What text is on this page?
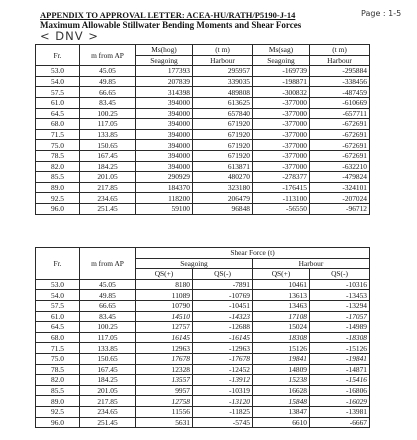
APPENDIX TO APPROVAL LETTER: ACEA-HU/RATH/P5190-J-14
Maximum Allowable Stillwater Bending Moments and Shear Forces
Page : 1-5
< DNV >
Fr.	m from AP	Ms(hog)	(t m)	Ms(sag)	(t m)
		Seagoing	Harbour	Seagoing	Harbour
53.0	45.05	177393	295957	-169739	-295884
54.0	49.85	207839	339035	-198871	-338456
57.5	66.65	314398	489808	-300832	-487459
61.0	83.45	394000	613625	-377000	-610669
64.5	100.25	394000	657840	-377000	-657711
68.0	117.05	394000	671920	-377000	-672691
71.5	133.85	394000	671920	-377000	-672691
75.0	150.65	394000	671920	-377000	-672691
78.5	167.45	394000	671920	-377000	-672691
82.0	184.25	394000	613871	-377000	-632210
85.5	201.05	290929	480270	-278377	-479824
89.0	217.85	184370	323180	-176415	-324101
92.5	234.65	118200	206479	-113100	-207024
96.0	251.45	59100	96848	-56550	-96712
Fr.	m from AP	Shear Force (t)			
		Seagoing		Harbour	
		QS(+)	QS(-)	QS(+)	QS(-)
53.0	45.05	8180	-7891	10461	-10316
54.0	49.85	11089	-10769	13613	-13453
57.5	66.65	10790	-10451	13463	-13294
61.0	83.45	14510	-14323	17108	-17057
64.5	100.25	12757	-12688	15024	-14989
68.0	117.05	16145	-16145	18308	-18308
71.5	133.85	12963	-12963	15126	-15126
75.0	150.65	17678	-17678	19841	-19841
78.5	167.45	12328	-12452	14809	-14871
82.0	184.25	13557	-13912	15238	-15416
85.5	201.05	9957	-10319	16628	-16806
89.0	217.85	12758	-13120	15848	-16029
92.5	234.65	11556	-11825	13847	-13981
96.0	251.45	5631	-5745	6610	-6667
